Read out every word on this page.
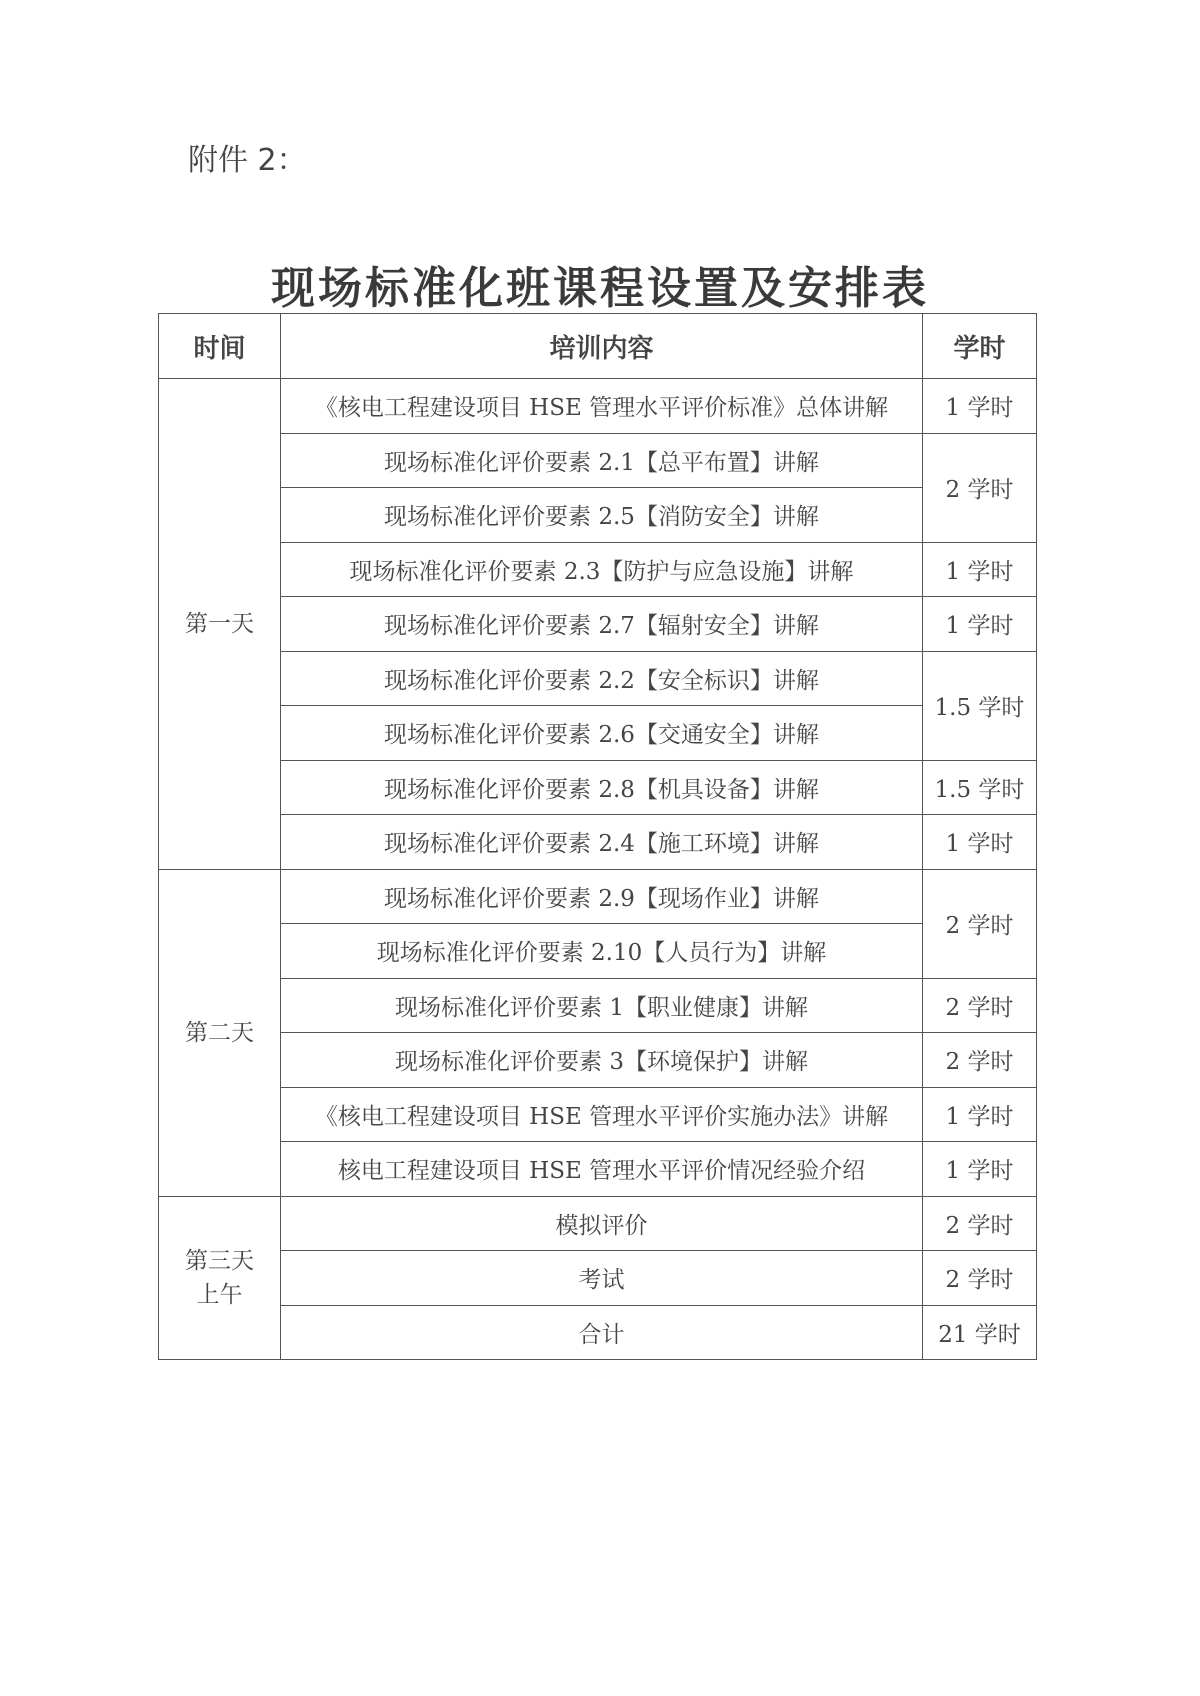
附件 2：
现场标准化班课程设置及安排表
时间	培训内容	学时
第一天	《核电工程建设项目 HSE 管理水平评价标准》总体讲解	1 学时
	现场标准化评价要素 2.1【总平布置】讲解	2 学时
	现场标准化评价要素 2.5【消防安全】讲解	
	现场标准化评价要素 2.3【防护与应急设施】讲解	1 学时
	现场标准化评价要素 2.7【辐射安全】讲解	1 学时
	现场标准化评价要素 2.2【安全标识】讲解	1.5 学时
	现场标准化评价要素 2.6【交通安全】讲解	
	现场标准化评价要素 2.8【机具设备】讲解	1.5 学时
	现场标准化评价要素 2.4【施工环境】讲解	1 学时
第二天	现场标准化评价要素 2.9【现场作业】讲解	2 学时
	现场标准化评价要素 2.10【人员行为】讲解	
	现场标准化评价要素 1【职业健康】讲解	2 学时
	现场标准化评价要素 3【环境保护】讲解	2 学时
	《核电工程建设项目 HSE 管理水平评价实施办法》讲解	1 学时
	核电工程建设项目 HSE 管理水平评价情况经验介绍	1 学时

第三天
上午	模拟评价	2 学时
	考试	2 学时
	合计	21 学时
